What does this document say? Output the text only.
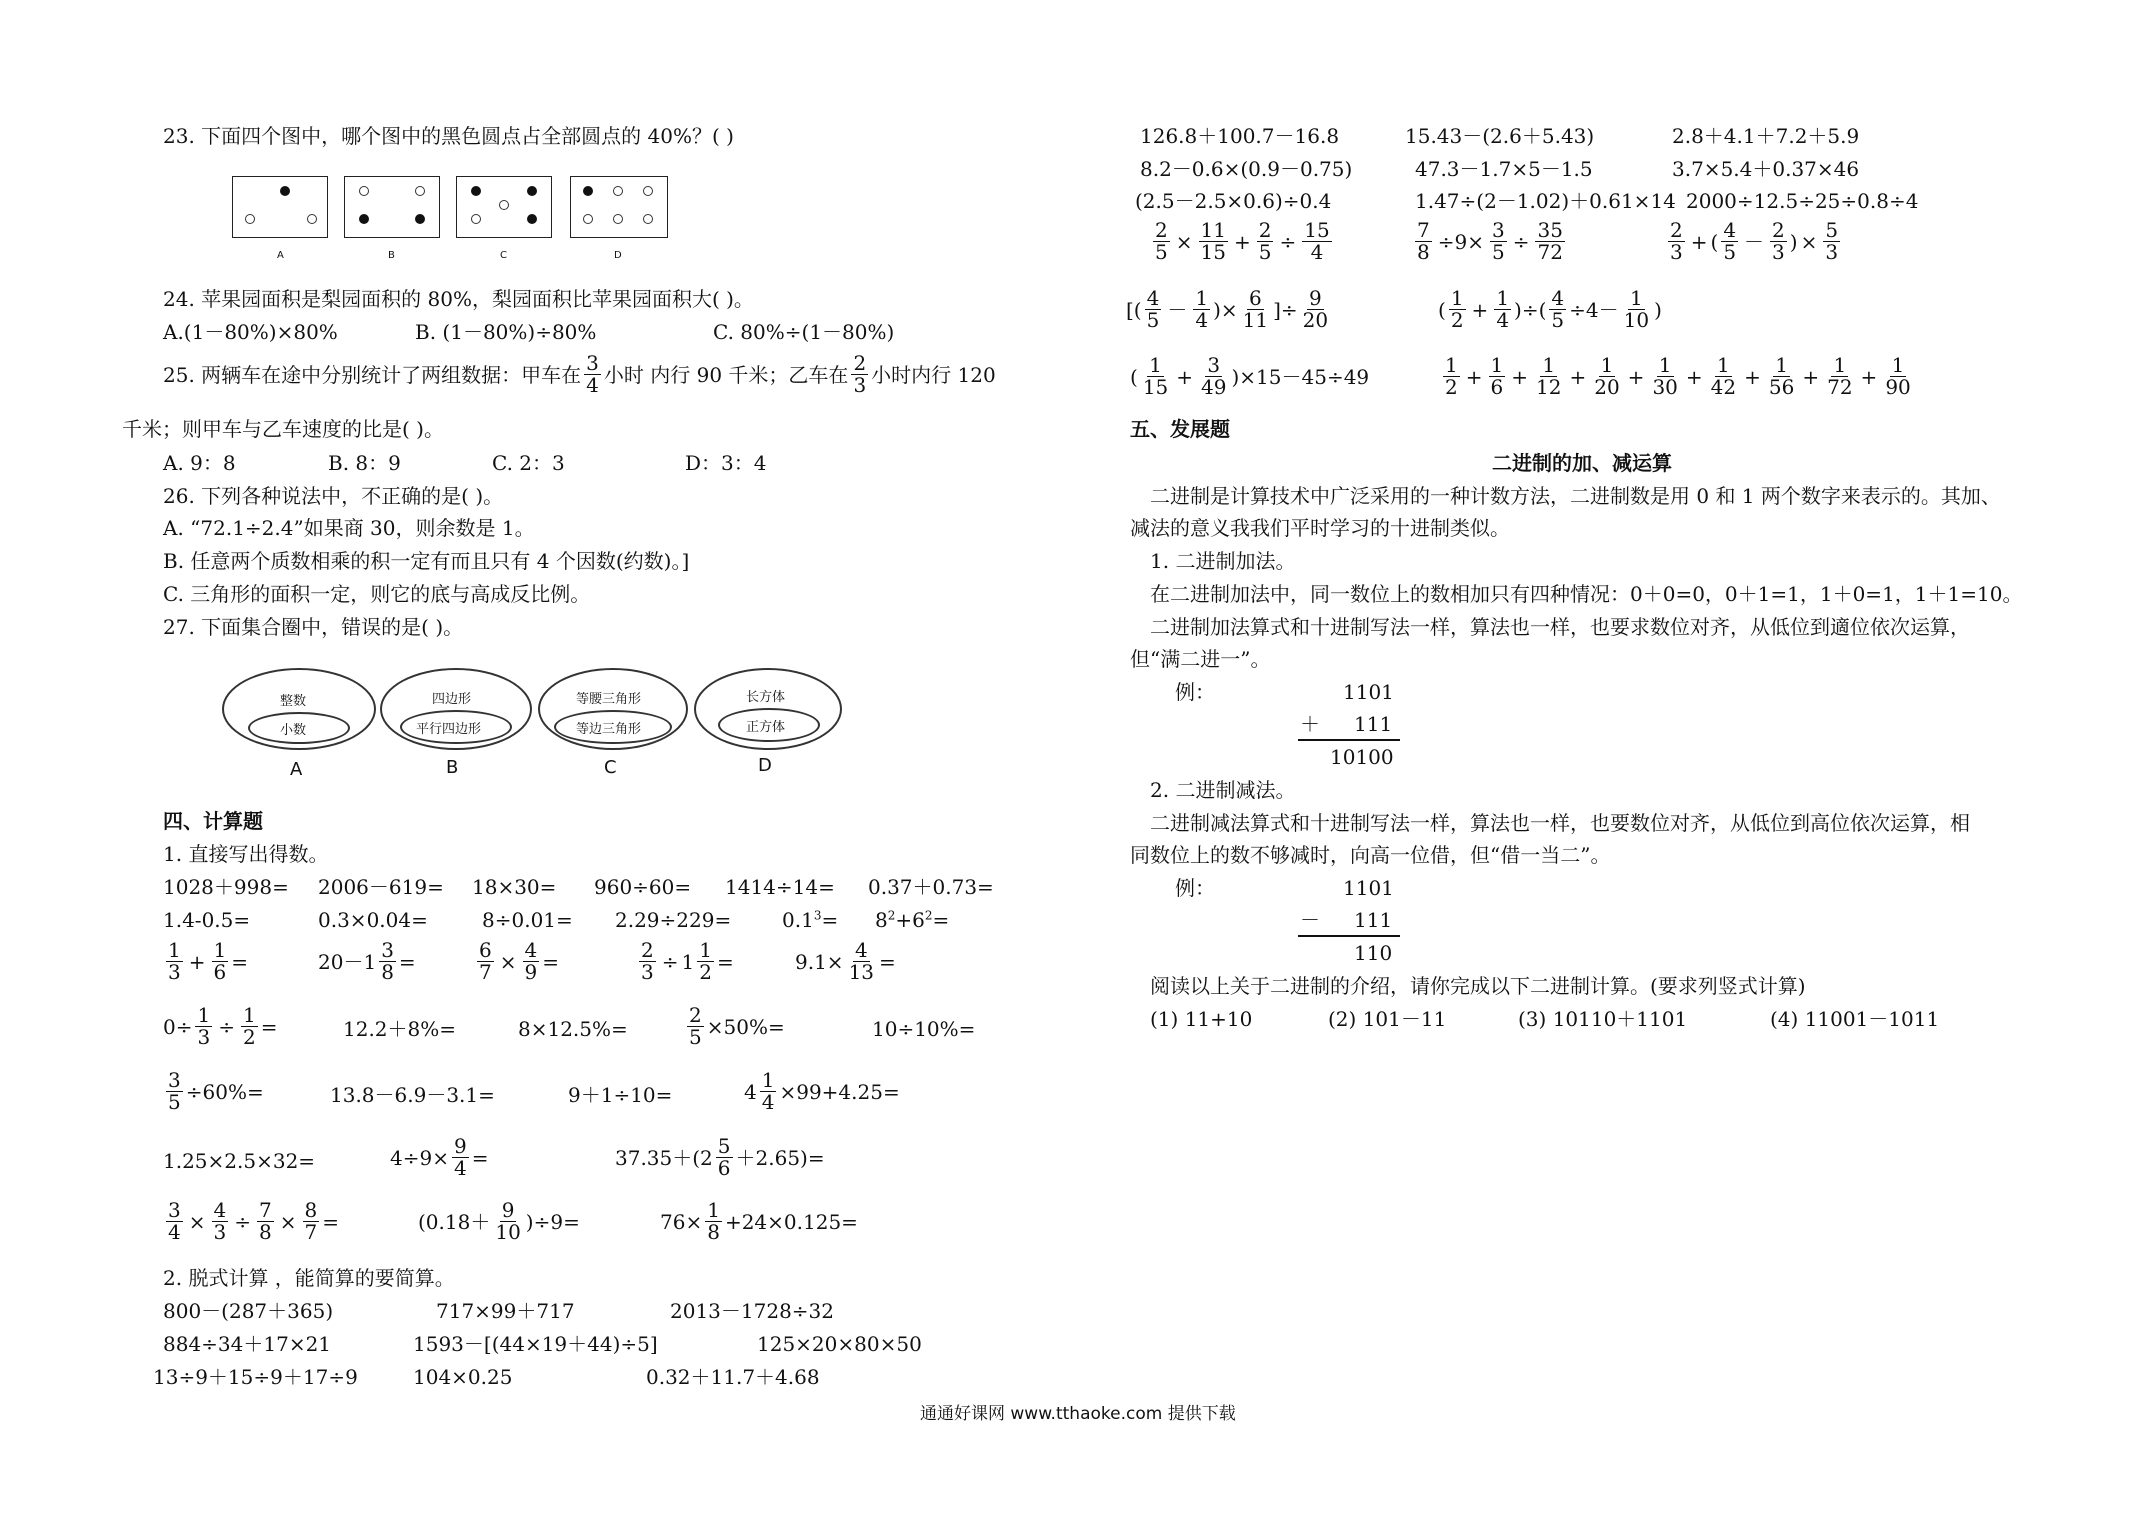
23. 下面四个图中，哪个图中的黑色圆点占全部圆点的 40%？( )
A	B	C	D
24. 苹果园面积是梨园面积的 80%，梨园面积比苹果园面积大( )。
A.(1－80%)×80%	B. (1－80%)÷80%	C. 80%÷(1－80%)
25. 两辆车在途中分别统计了两组数据：甲车在 $\frac{3}{4}$ 小时 内行 90 千米；乙车在 $\frac{2}{3}$ 小时内行 120
千米；则甲车与乙车速度的比是( )。
A. 9：8	B. 8：9	C. 2：3	D：3：4
26. 下列各种说法中，不正确的是( )。
A. “72.1÷2.4”如果商 30，则余数是 1。
B. 任意两个质数相乘的积一定有而且只有 4 个因数(约数)。]
C. 三角形的面积一定，则它的底与高成反比例。
27. 下面集合圈中，错误的是( )。
整数
小数
四边形
平行四边形
等腰三角形
等边三角形
长方体
正方体
A	B	C	D
四、计算题
1. 直接写出得数。
1028＋998= 2006－619= 18×30= 960÷60= 1414÷14= 0.37＋0.73=
1.4-0.5=	0.3×0.04=	8÷0.01= 2.29÷229=	$0.1^3= 8^2+6^2=$
$\frac{1}{3} + \frac{1}{6}$ =	$20-1 \frac{3}{8}$ =	$\frac{6}{7} \times \frac{4}{9}$ =	$\frac{2}{3} \div 1 \frac{1}{2}$ =	$9.1\times \frac{4}{13}$ =
$0\div \frac{1}{3} \div \frac{1}{2}$ =	12.2＋8%=	8×12.5%=	$\frac{2}{5} \times 50\%=$	10÷10%=
$\frac{3}{5} \div 60\%=$	13.8－6.9－3.1=	9＋1÷10=	$4 \frac{1}{4} \times 99+4.25=$
1.25×2.5×32=	$4\div 9\times \frac{9}{4}$ =	$37.35+(2 \frac{5}{6} +2.65)=$
$\frac{3}{4} \times \frac{4}{3} \div \frac{7}{8} \times \frac{8}{7}$ =	$(0.18+ \frac{9}{10} )\div 9=$	$76\times \frac{1}{8} +24\times 0.125=$
2. 脱式计算 ，能简算的要简算。
800－(287＋365)	717×99＋717	2013－1728÷32
884÷34＋17×21	1593－[(44×19＋44)÷5]	125×20×80×50
13÷9＋15÷9＋17÷9	104×0.25	0.32＋11.7＋4.68
126.8＋100.7－16.8	15.43－(2.6＋5.43)	2.8＋4.1＋7.2＋5.9
8.2－0.6×(0.9－0.75)	47.3－1.7×5－1.5	3.7×5.4＋0.37×46
(2.5－2.5×0.6)÷0.4	1.47÷(2－1.02)＋0.61×14 2000÷12.5÷25÷0.8÷4
$\frac{2}{5} \times \frac{11}{15} + \frac{2}{5} \div \frac{15}{4}$	$\frac{7}{8} \div 9\times \frac{3}{5} \div \frac{35}{72}$	$\frac{2}{3}$ + ( $\frac{4}{5} - \frac{2}{3}$ ) × $\frac{5}{3}$
[( $\frac{4}{5} - \frac{1}{4}$ )× $\frac{6}{11}$ ]÷ $\frac{9}{20}$	( $\frac{1}{2} + \frac{1}{4}$ )÷( $\frac{4}{5} \div 4- \frac{1}{10}$ )
( $\frac{1}{15} + \frac{3}{49} )\times 15-45\div 49$	$\frac{1}{2} + \frac{1}{6} + \frac{1}{12} + \frac{1}{20} + \frac{1}{30} + \frac{1}{42} + \frac{1}{56} + \frac{1}{72} + \frac{1}{90}$
五、发展题
二进制的加、减运算
二进制是计算技术中广泛采用的一种计数方法，二进制数是用 0 和 1 两个数字来表示的。其加、
减法的意义我我们平时学习的十进制类似。
1. 二进制加法。
在二进制加法中，同一数位上的数相加只有四种情况：0＋0=0，0＋1=1，1＋0=1，1＋1=10。
二进制加法算式和十进制写法一样，算法也一样，也要求数位对齐，从低位到適位依次运算，
但“满二进一”。
例：	1101
＋ 111
10100
2. 二进制减法。
二进制减法算式和十进制写法一样，算法也一样，也要数位对齐，从低位到高位依次运算，相
同数位上的数不够减时，向高一位借，但“借一当二”。
例：	1101
－ 111
110
阅读以上关于二进制的介绍，请你完成以下二进制计算。(要求列竖式计算)
(1) 11+10	(2) 101－11	(3) 10110＋1101	(4) 11001－1011
通通好课网 www.tthaoke.com 提供下载
